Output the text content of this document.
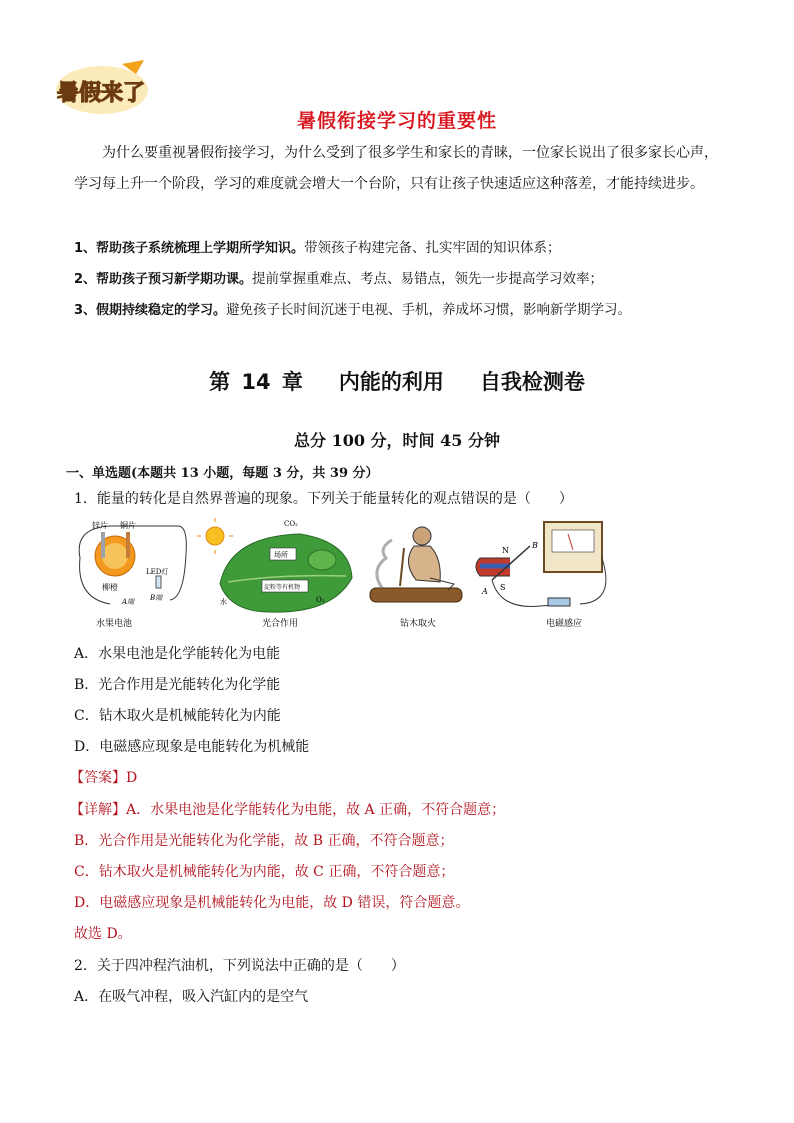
暑假来了
暑假衔接学习的重要性
为什么要重视暑假衔接学习，为什么受到了很多学生和家长的青睐，一位家长说出了很多家长心声，学习每上升一个阶段，学习的难度就会增大一个台阶，只有让孩子快速适应这种落差，才能持续进步。
1、帮助孩子系统梳理上学期所学知识。带领孩子构建完备、扎实牢固的知识体系；
2、帮助孩子预习新学期功课。提前掌握重难点、考点、易错点，领先一步提高学习效率；
3、假期持续稳定的学习。避免孩子长时间沉迷于电视、手机，养成坏习惯，影响新学期学习。
第 14 章 内能的利用 自我检测卷
总分 100 分，时间 45 分钟
一、单选题(本题共 13 小题，每题 3 分，共 39 分）
1．能量的转化是自然界普遍的现象。下列关于能量转化的观点错误的是（　　）
锌片 铜片
柳橙
LED灯
A端 B端
水果电池
CO₂
场所
淀粉等有机物
水	O₂
光合作用	钻木取火
N
S
A
B
电磁感应
A．水果电池是化学能转化为电能
B．光合作用是光能转化为化学能
C．钻木取火是机械能转化为内能
D．电磁感应现象是电能转化为机械能
【答案】D
【详解】A．水果电池是化学能转化为电能，故 A 正确，不符合题意；
B．光合作用是光能转化为化学能，故 B 正确，不符合题意；
C．钻木取火是机械能转化为内能，故 C 正确，不符合题意；
D．电磁感应现象是机械能转化为电能，故 D 错误，符合题意。
故选 D。
2．关于四冲程汽油机，下列说法中正确的是（　　）
A．在吸气冲程，吸入汽缸内的是空气
